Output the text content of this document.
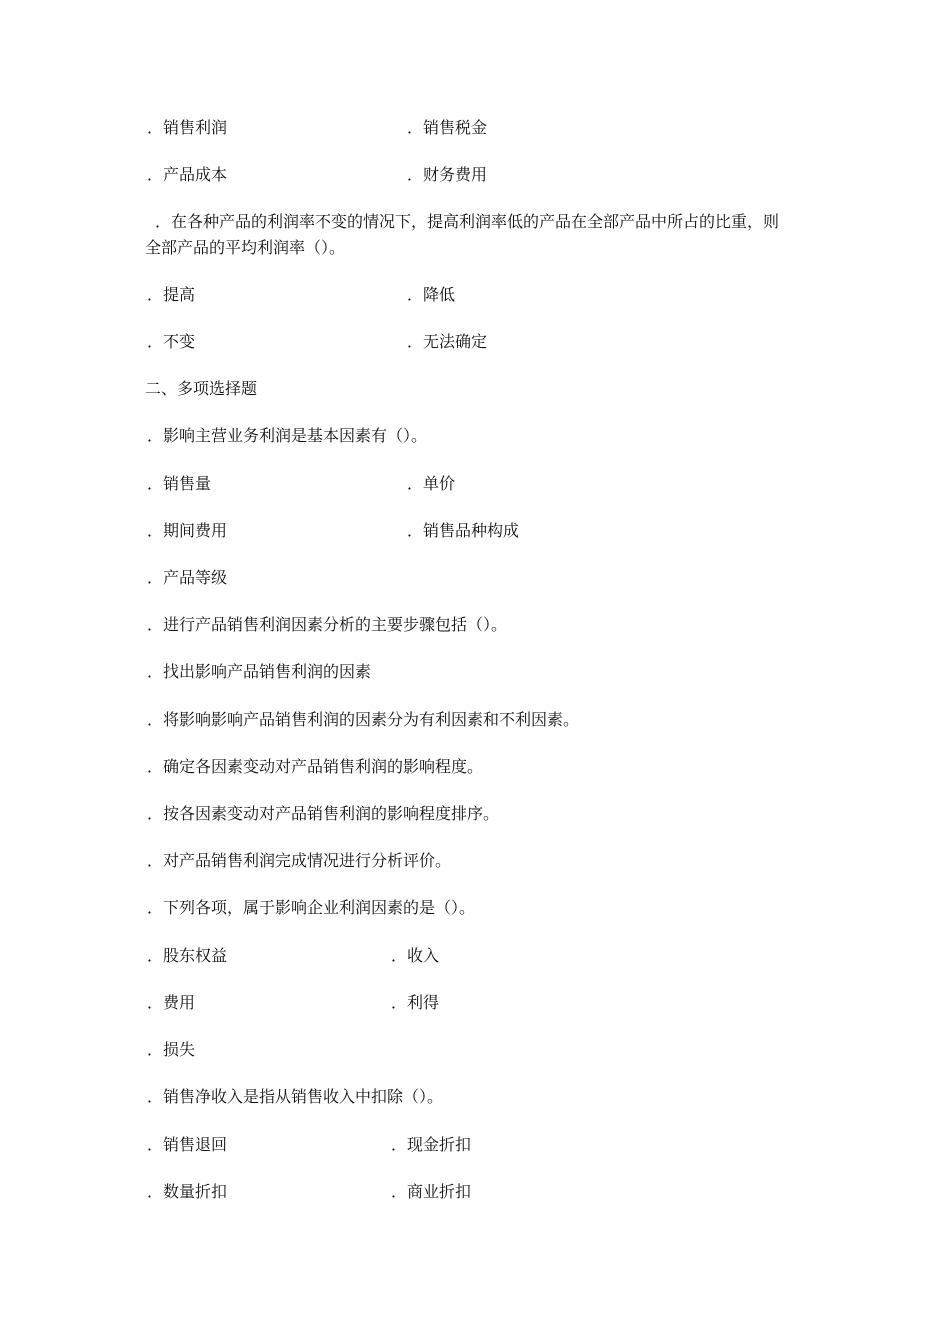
．销售利润	．销售税金
．产品成本	．财务费用
．在各种产品的利润率不变的情况下，提高利润率低的产品在全部产品中所占的比重，则
全部产品的平均利润率（）。
．提高	．降低
．不变	．无法确定
二、多项选择题
．影响主营业务利润是基本因素有（）。
．销售量	．单价
．期间费用	．销售品种构成
．产品等级
．进行产品销售利润因素分析的主要步骤包括（）。
．找出影响产品销售利润的因素
．将影响影响产品销售利润的因素分为有利因素和不利因素。
．确定各因素变动对产品销售利润的影响程度。
．按各因素变动对产品销售利润的影响程度排序。
．对产品销售利润完成情况进行分析评价。
．下列各项，属于影响企业利润因素的是（）。
．股东权益	．收入
．费用	．利得
．损失
．销售净收入是指从销售收入中扣除（）。
．销售退回	．现金折扣
．数量折扣	．商业折扣
